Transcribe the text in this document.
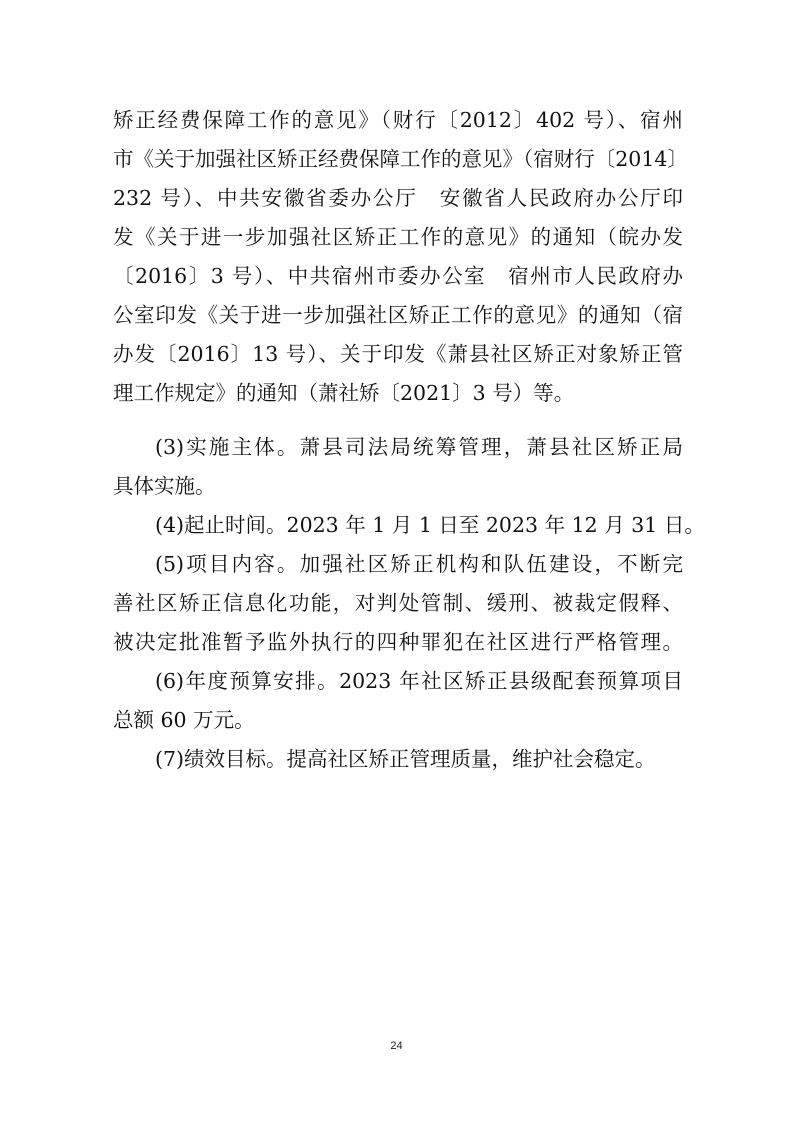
矫正经费保障工作的意见》（财行〔2012〕402 号）、宿州
市《关于加强社区矫正经费保障工作的意见》（宿财行〔2014〕
232 号）、中共安徽省委办公厅　安徽省人民政府办公厅印
发《关于进一步加强社区矫正工作的意见》的通知（皖办发
〔2016〕3 号）、中共宿州市委办公室　宿州市人民政府办
公室印发《关于进一步加强社区矫正工作的意见》的通知（宿
办发〔2016〕13 号）、关于印发《萧县社区矫正对象矫正管
理工作规定》的通知（萧社矫〔2021〕3 号）等。
(3)实施主体。萧县司法局统筹管理，萧县社区矫正局
具体实施。
(4)起止时间。2023 年 1 月 1 日至 2023 年 12 月 31 日。
(5)项目内容。加强社区矫正机构和队伍建设，不断完
善社区矫正信息化功能，对判处管制、缓刑、被裁定假释、
被决定批准暂予监外执行的四种罪犯在社区进行严格管理。
(6)年度预算安排。2023 年社区矫正县级配套预算项目
总额 60 万元。
(7)绩效目标。提高社区矫正管理质量，维护社会稳定。
24
